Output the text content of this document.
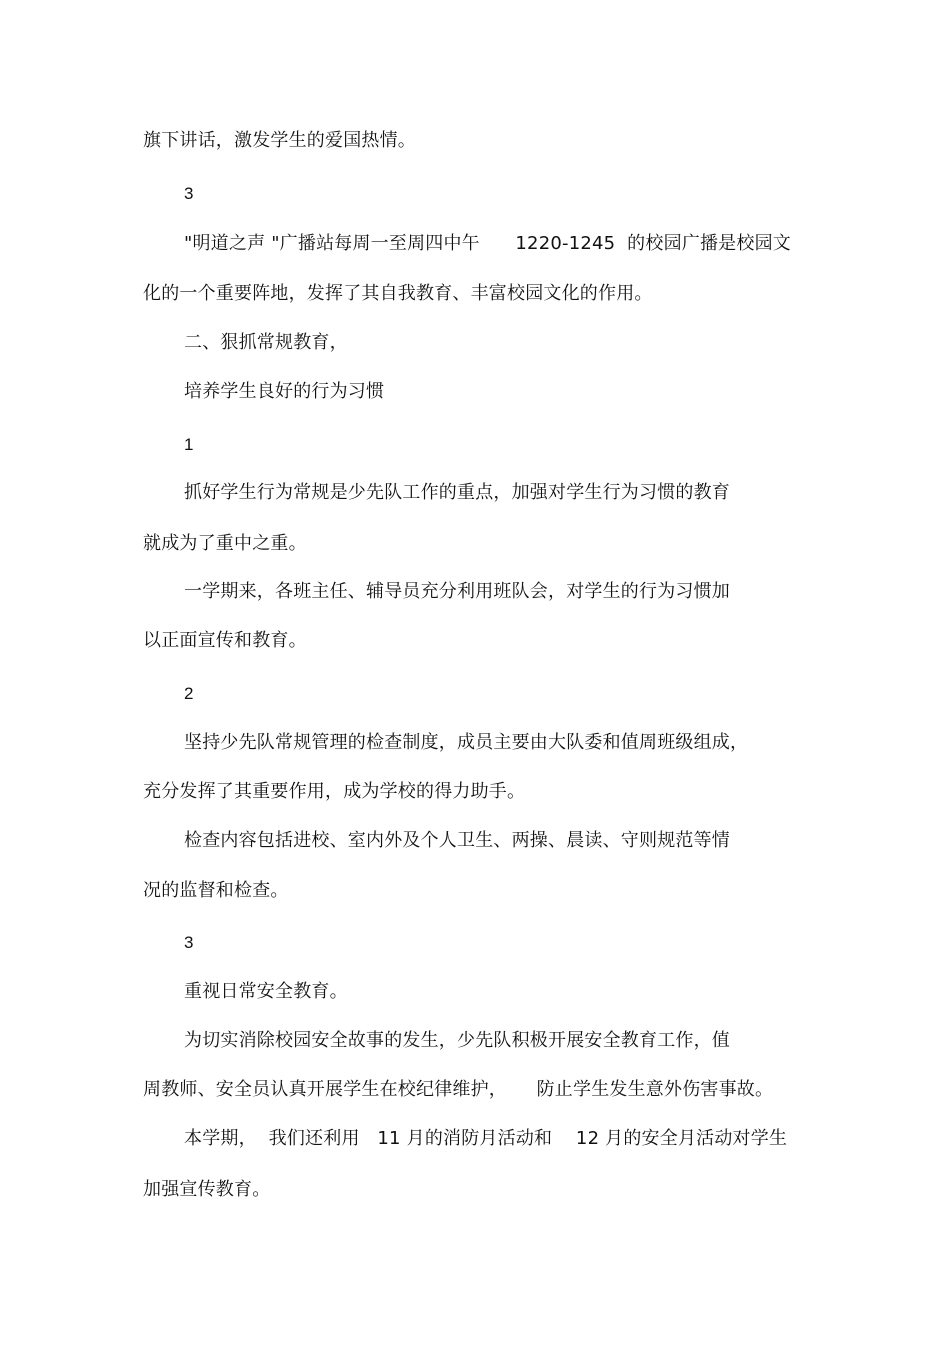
旗下讲话，激发学生的爱国热情。
3
"明道之声 "广播站每周一至周四中午      1220-1245  的校园广播是校园文
化的一个重要阵地，发挥了其自我教育、丰富校园文化的作用。
二、狠抓常规教育，
培养学生良好的行为习惯
1
抓好学生行为常规是少先队工作的重点，加强对学生行为习惯的教育
就成为了重中之重。
一学期来，各班主任、辅导员充分利用班队会，对学生的行为习惯加
以正面宣传和教育。
2
坚持少先队常规管理的检查制度，成员主要由大队委和值周班级组成，
充分发挥了其重要作用，成为学校的得力助手。
检查内容包括进校、室内外及个人卫生、两操、晨读、守则规范等情
况的监督和检查。
3
重视日常安全教育。
为切实消除校园安全故事的发生，少先队积极开展安全教育工作，值
周教师、安全员认真开展学生在校纪律维护，     防止学生发生意外伤害事故。
本学期，  我们还利用   11 月的消防月活动和    12 月的安全月活动对学生
加强宣传教育。
